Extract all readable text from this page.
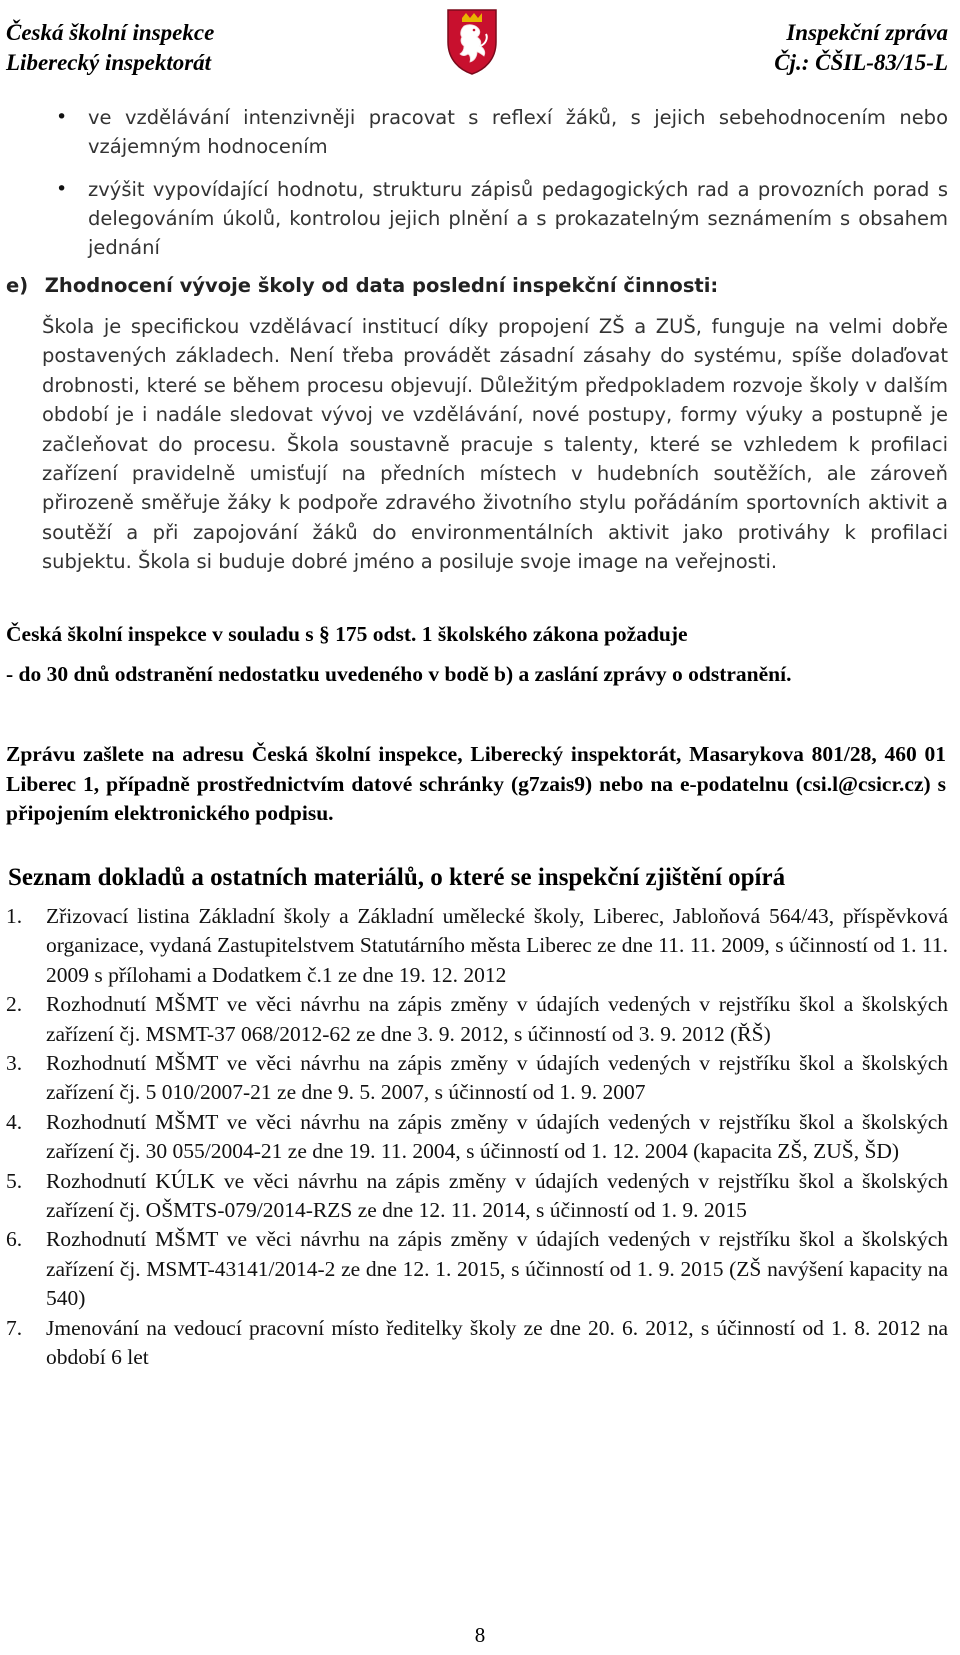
Česká školní inspekce
Liberecký inspektorát
Inspekční zpráva
Čj.: ČŠIL-83/15-L
• ve vzdělávání intenzivněji pracovat s reflexí žáků, s jejich sebehodnocením nebo vzájemným hodnocením
• zvýšit vypovídající hodnotu, strukturu zápisů pedagogických rad a provozních porad s delegováním úkolů, kontrolou jejich plnění a s prokazatelným seznámením s obsahem jednání
e) Zhodnocení vývoje školy od data poslední inspekční činnosti:

Škola je specifickou vzdělávací institucí díky propojení ZŠ a ZUŠ, funguje na velmi dobře postavených základech. Není třeba provádět zásadní zásahy do systému, spíše dolaďovat drobnosti, které se během procesu objevují. Důležitým předpokladem rozvoje školy v dalším období je i nadále sledovat vývoj ve vzdělávání, nové postupy, formy výuky a postupně je začleňovat do procesu. Škola soustavně pracuje s talenty, které se vzhledem k profilaci zařízení pravidelně umisťují na předních místech v hudebních soutěžích, ale zároveň přirozeně směřuje žáky k podpoře zdravého životního stylu pořádáním sportovních aktivit a soutěží a při zapojování žáků do environmentálních aktivit jako protiváhy k profilaci subjektu. Škola si buduje dobré jméno a posiluje svoje image na veřejnosti.

Česká školní inspekce v souladu s § 175 odst. 1 školského zákona požaduje

- do 30 dnů odstranění nedostatku uvedeného v bodě b) a zaslání zprávy o odstranění.

Zprávu zašlete na adresu Česká školní inspekce, Liberecký inspektorát, Masarykova 801/28, 460 01 Liberec 1, případně prostřednictvím datové schránky (g7zais9) nebo na e-podatelnu (csi.l@csicr.cz) s připojením elektronického podpisu.

Seznam dokladů a ostatních materiálů, o které se inspekční zjištění opírá
1. Zřizovací listina Základní školy a Základní umělecké školy, Liberec, Jabloňová 564/43, příspěvková organizace, vydaná Zastupitelstvem Statutárního města Liberec ze dne 11. 11. 2009, s účinností od 1. 11. 2009 s přílohami a Dodatkem č.1 ze dne 19. 12. 2012
2. Rozhodnutí MŠMT ve věci návrhu na zápis změny v údajích vedených v rejstříku škol a školských zařízení čj. MSMT-37 068/2012-62 ze dne 3. 9. 2012, s účinností od 3. 9. 2012 (ŘŠ)
3. Rozhodnutí MŠMT ve věci návrhu na zápis změny v údajích vedených v rejstříku škol a školských zařízení čj. 5 010/2007-21 ze dne 9. 5. 2007, s účinností od 1. 9. 2007
4. Rozhodnutí MŠMT ve věci návrhu na zápis změny v údajích vedených v rejstříku škol a školských zařízení čj. 30 055/2004-21 ze dne 19. 11. 2004, s účinností od 1. 12. 2004 (kapacita ZŠ, ZUŠ, ŠD)
5. Rozhodnutí KÚLK ve věci návrhu na zápis změny v údajích vedených v rejstříku škol a školských zařízení čj. OŠMTS-079/2014-RZS ze dne 12. 11. 2014, s účinností od 1. 9. 2015
6. Rozhodnutí MŠMT ve věci návrhu na zápis změny v údajích vedených v rejstříku škol a školských zařízení čj. MSMT-43141/2014-2 ze dne 12. 1. 2015, s účinností od 1. 9. 2015 (ZŠ navýšení kapacity na 540)
7. Jmenování na vedoucí pracovní místo ředitelky školy ze dne 20. 6. 2012, s účinností od 1. 8. 2012 na období 6 let
8
